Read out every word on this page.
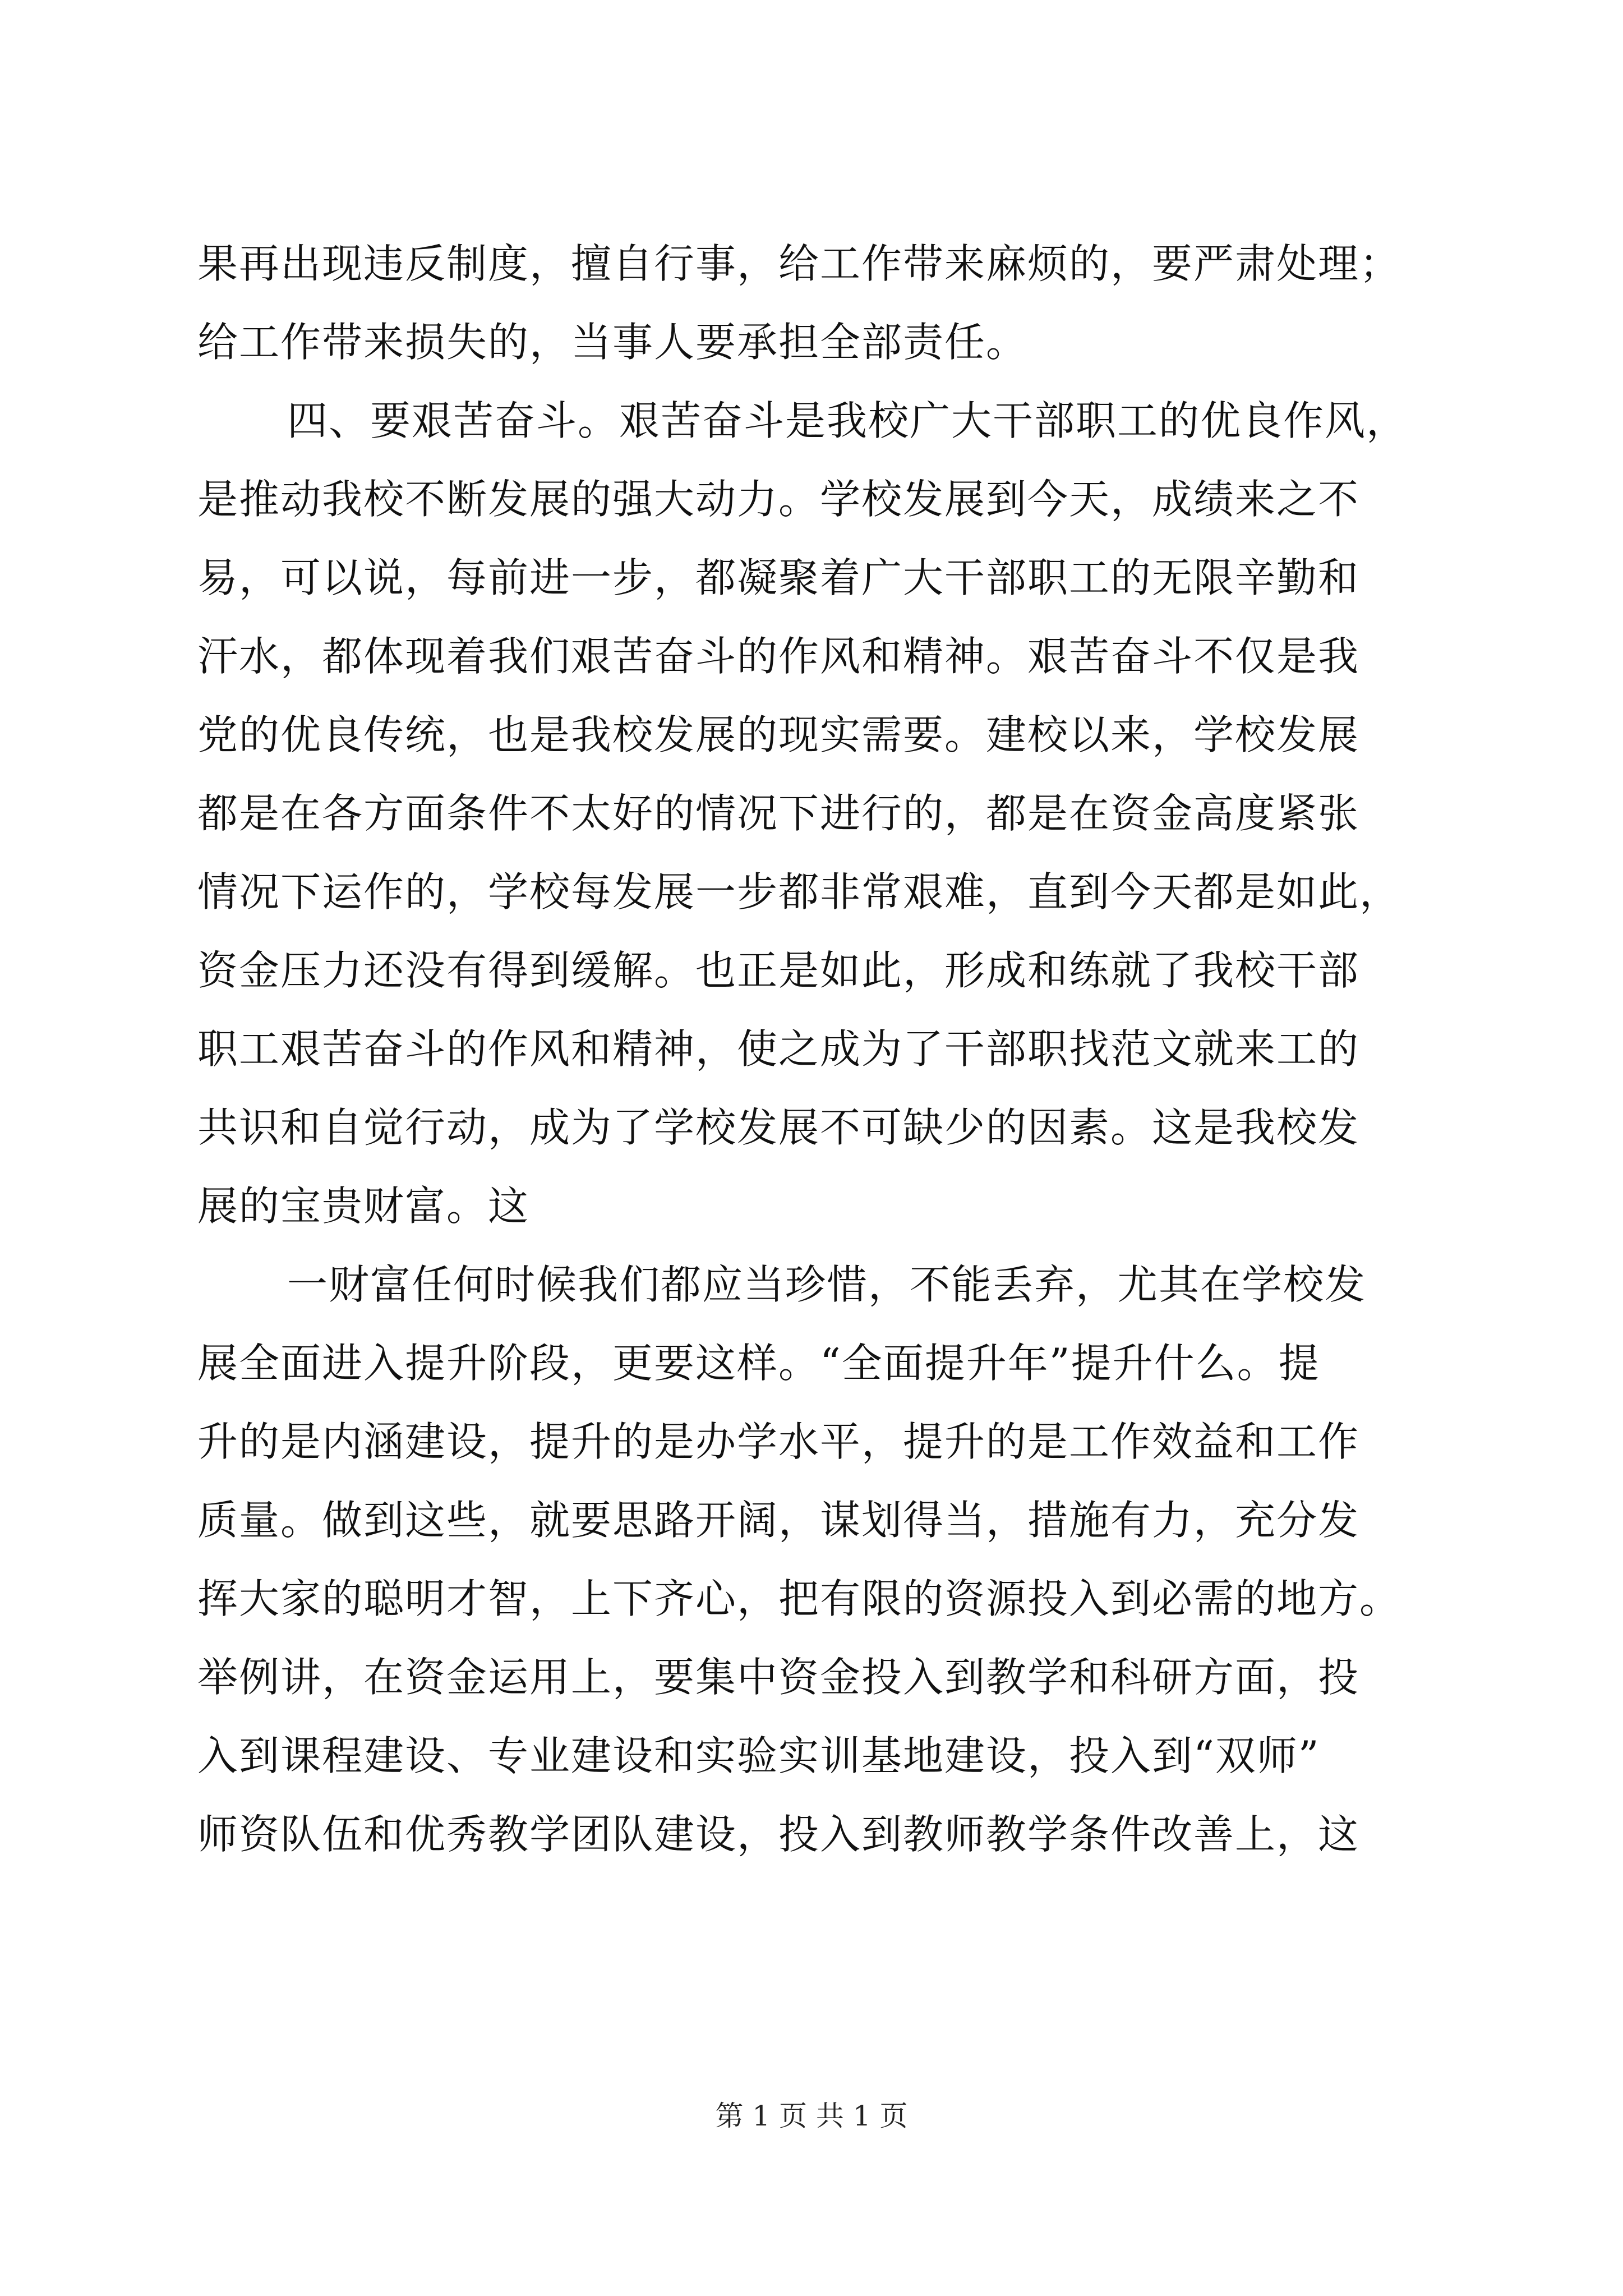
果再出现违反制度，擅自行事，给工作带来麻烦的，要严肃处理；
给工作带来损失的，当事人要承担全部责任。
四、要艰苦奋斗。艰苦奋斗是我校广大干部职工的优良作风，
是推动我校不断发展的强大动力。学校发展到今天，成绩来之不
易，可以说，每前进一步，都凝聚着广大干部职工的无限辛勤和
汗水，都体现着我们艰苦奋斗的作风和精神。艰苦奋斗不仅是我
党的优良传统，也是我校发展的现实需要。建校以来，学校发展
都是在各方面条件不太好的情况下进行的，都是在资金高度紧张
情况下运作的，学校每发展一步都非常艰难，直到今天都是如此，
资金压力还没有得到缓解。也正是如此，形成和练就了我校干部
职工艰苦奋斗的作风和精神，使之成为了干部职找范文就来工的
共识和自觉行动，成为了学校发展不可缺少的因素。这是我校发
展的宝贵财富。这
一财富任何时候我们都应当珍惜，不能丢弃，尤其在学校发
展全面进入提升阶段，更要这样。“全面提升年”提升什么。提
升的是内涵建设，提升的是办学水平，提升的是工作效益和工作
质量。做到这些，就要思路开阔，谋划得当，措施有力，充分发
挥大家的聪明才智，上下齐心，把有限的资源投入到必需的地方。
举例讲，在资金运用上，要集中资金投入到教学和科研方面，投
入到课程建设、专业建设和实验实训基地建设，投入到“双师”
师资队伍和优秀教学团队建设，投入到教师教学条件改善上，这
第 1 页 共 1 页
